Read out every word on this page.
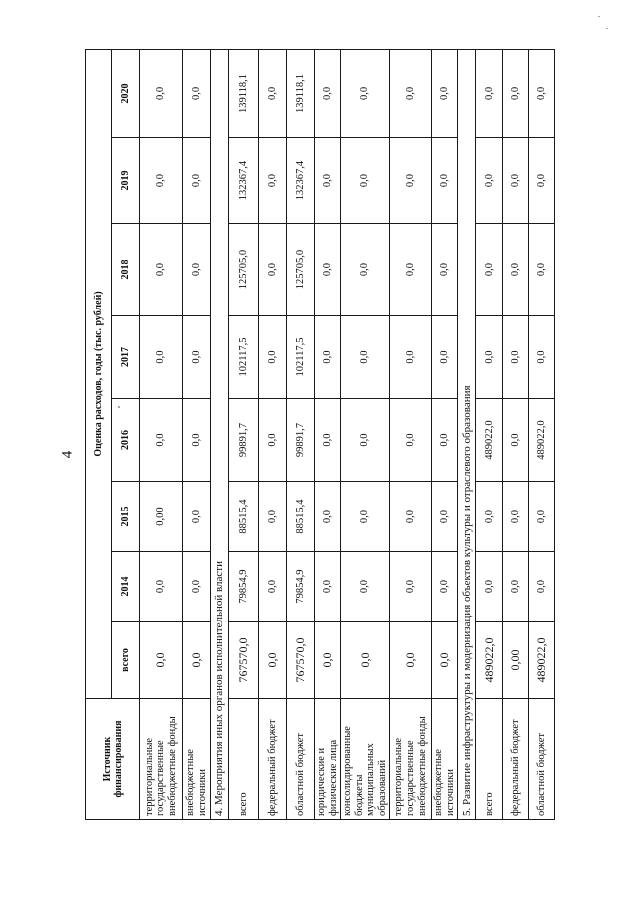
4
Источник финансирования	Оценка расходов, годы (тыс. рублей)							
	всего	2014	2015	2016	2017	2018	2019	2020
территориальные государственные внебюджетные фонды	0,0	0,0	0,00	0,0	0,0	0,0	0,0	0,0
внебюджетные источники	0,0	0,0	0,0	0,0	0,0	0,0	0,0	0,0
4. Мероприятия иных органов исполнительной власти								
всего	767570,0	79854,9	88515,4	99891,7	102117,5	125705,0	132367,4	139118,1
федеральный бюджет	0,0	0,0	0,0	0,0	0,0	0,0	0,0	0,0
областной бюджет	767570,0	79854,9	88515,4	99891,7	102117,5	125705,0	132367,4	139118,1
юридические и физические лица	0,0	0,0	0,0	0,0	0,0	0,0	0,0	0,0
консолидированные бюджеты муниципальных образований	0,0	0,0	0,0	0,0	0,0	0,0	0,0	0,0
территориальные государственные внебюджетные фонды	0,0	0,0	0,0	0,0	0,0	0,0	0,0	0,0
внебюджетные источники	0,0	0,0	0,0	0,0	0,0	0,0	0,0	0,0
5. Развитие инфраструктуры и модернизация объектов культуры и отраслевого образования								
всего	489022,0	0,0	0,0	489022,0	0,0	0,0	0,0	0,0
федеральный бюджет	0,00	0,0	0,0	0,0	0,0	0,0	0,0	0,0
областной бюджет	489022,0	0,0	0,0	489022,0	0,0	0,0	0,0	0,0
